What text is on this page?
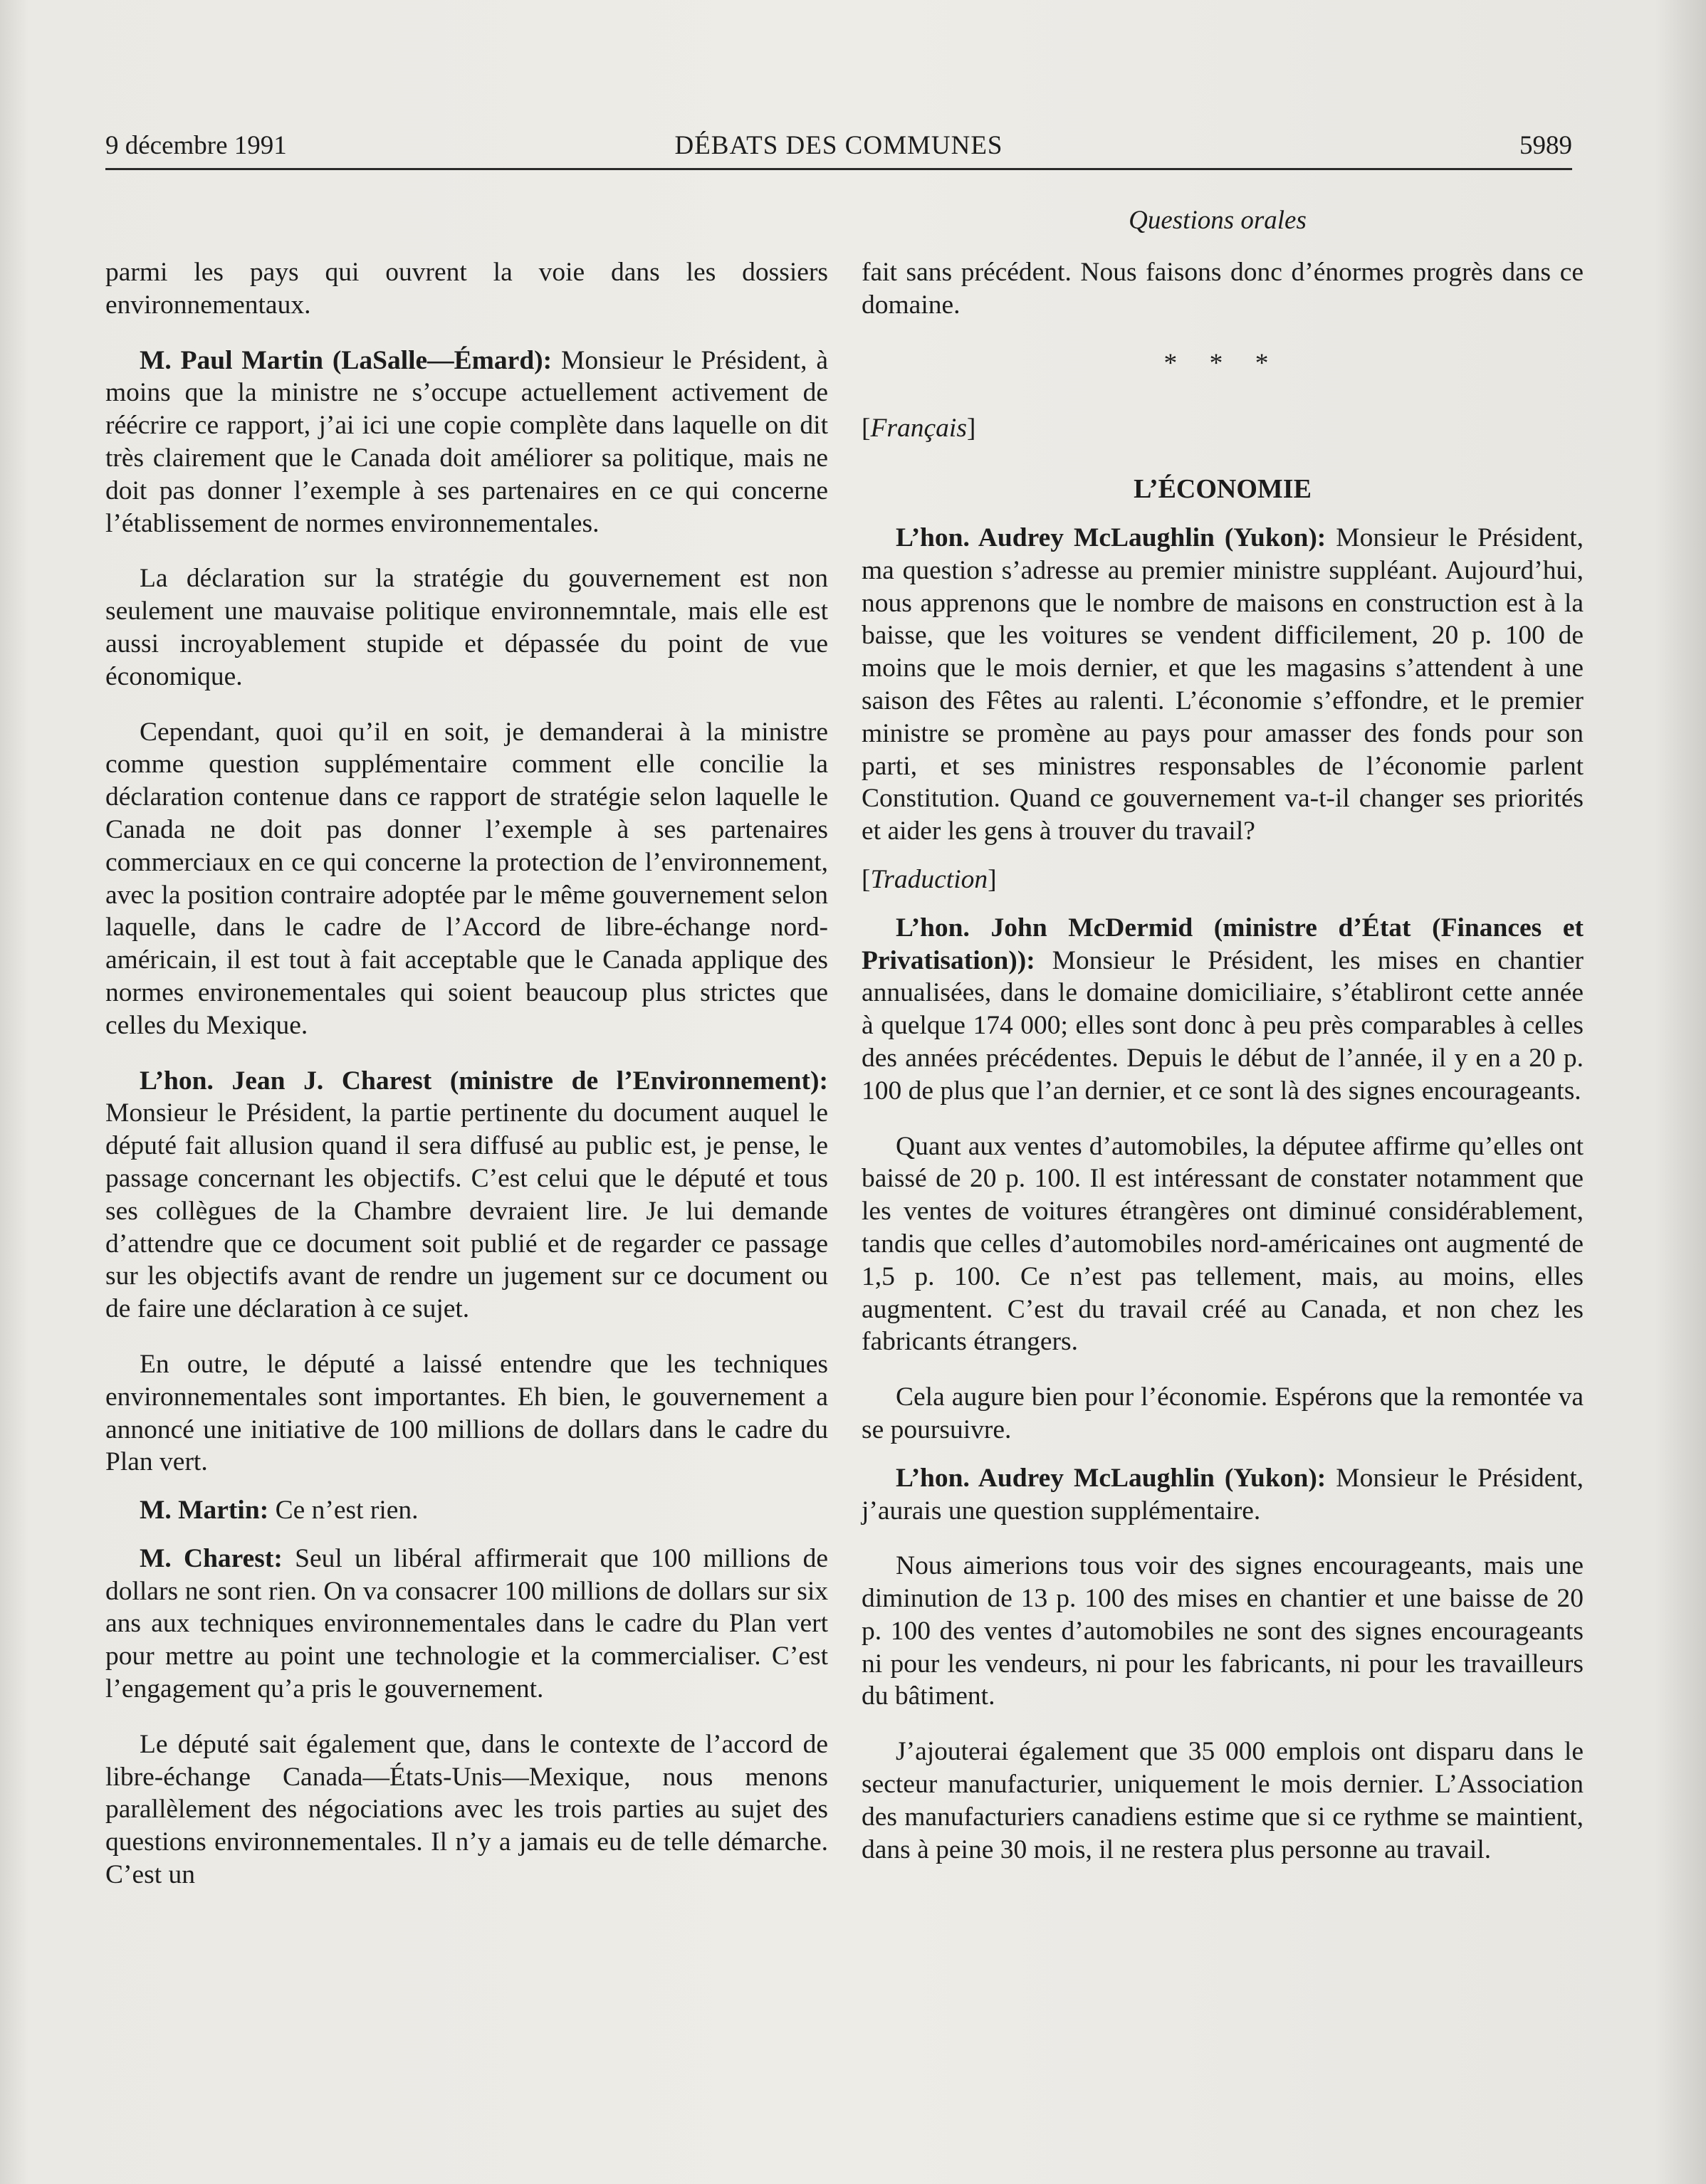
9 décembre 1991	DÉBATS DES COMMUNES	5989
Questions orales

parmi les pays qui ouvrent la voie dans les dossiers environnementaux.

M. Paul Martin (LaSalle—Émard): Monsieur le Président, à moins que la ministre ne s’occupe actuellement activement de réécrire ce rapport, j’ai ici une copie complète dans laquelle on dit très clairement que le Canada doit améliorer sa politique, mais ne doit pas donner l’exemple à ses partenaires en ce qui concerne l’établissement de normes environnementales.

La déclaration sur la stratégie du gouvernement est non seulement une mauvaise politique environnemntale, mais elle est aussi incroyablement stupide et dépassée du point de vue économique.

Cependant, quoi qu’il en soit, je demanderai à la ministre comme question supplémentaire comment elle concilie la déclaration contenue dans ce rapport de stratégie selon laquelle le Canada ne doit pas donner l’exemple à ses partenaires commerciaux en ce qui concerne la protection de l’environnement, avec la position contraire adoptée par le même gouvernement selon laquelle, dans le cadre de l’Accord de libre-échange nord-américain, il est tout à fait acceptable que le Canada applique des normes environementales qui soient beaucoup plus strictes que celles du Mexique.

L’hon. Jean J. Charest (ministre de l’Environnement): Monsieur le Président, la partie pertinente du document auquel le député fait allusion quand il sera diffusé au public est, je pense, le passage concernant les objectifs. C’est celui que le député et tous ses collègues de la Chambre devraient lire. Je lui demande d’attendre que ce document soit publié et de regarder ce passage sur les objectifs avant de rendre un jugement sur ce document ou de faire une déclaration à ce sujet.

En outre, le député a laissé entendre que les techniques environnementales sont importantes. Eh bien, le gouvernement a annoncé une initiative de 100 millions de dollars dans le cadre du Plan vert.

M. Martin: Ce n’est rien.

M. Charest: Seul un libéral affirmerait que 100 millions de dollars ne sont rien. On va consacrer 100 millions de dollars sur six ans aux techniques environnementales dans le cadre du Plan vert pour mettre au point une technologie et la commercialiser. C’est l’engagement qu’a pris le gouvernement.

Le député sait également que, dans le contexte de l’accord de libre-échange Canada—États-Unis—Mexique, nous menons parallèlement des négociations avec les trois parties au sujet des questions environnementales. Il n’y a jamais eu de telle démarche. C’est un

fait sans précédent. Nous faisons donc d’énormes progrès dans ce domaine.

* * *

[Français]

L’ÉCONOMIE

L’hon. Audrey McLaughlin (Yukon): Monsieur le Président, ma question s’adresse au premier ministre suppléant. Aujourd’hui, nous apprenons que le nombre de maisons en construction est à la baisse, que les voitures se vendent difficilement, 20 p. 100 de moins que le mois dernier, et que les magasins s’attendent à une saison des Fêtes au ralenti. L’économie s’effondre, et le premier ministre se promène au pays pour amasser des fonds pour son parti, et ses ministres responsables de l’économie parlent Constitution. Quand ce gouvernement va-t-il changer ses priorités et aider les gens à trouver du travail?

[Traduction]

L’hon. John McDermid (ministre d’État (Finances et Privatisation)): Monsieur le Président, les mises en chantier annualisées, dans le domaine domiciliaire, s’établiront cette année à quelque 174 000; elles sont donc à peu près comparables à celles des années précédentes. Depuis le début de l’année, il y en a 20 p. 100 de plus que l’an dernier, et ce sont là des signes encourageants.

Quant aux ventes d’automobiles, la députee affirme qu’elles ont baissé de 20 p. 100. Il est intéressant de constater notamment que les ventes de voitures étrangères ont diminué considérablement, tandis que celles d’automobiles nord-américaines ont augmenté de 1,5 p. 100. Ce n’est pas tellement, mais, au moins, elles augmentent. C’est du travail créé au Canada, et non chez les fabricants étrangers.

Cela augure bien pour l’économie. Espérons que la remontée va se poursuivre.

L’hon. Audrey McLaughlin (Yukon): Monsieur le Président, j’aurais une question supplémentaire.

Nous aimerions tous voir des signes encourageants, mais une diminution de 13 p. 100 des mises en chantier et une baisse de 20 p. 100 des ventes d’automobiles ne sont des signes encourageants ni pour les vendeurs, ni pour les fabricants, ni pour les travailleurs du bâtiment.

J’ajouterai également que 35 000 emplois ont disparu dans le secteur manufacturier, uniquement le mois dernier. L’Association des manufacturiers canadiens estime que si ce rythme se maintient, dans à peine 30 mois, il ne restera plus personne au travail.
